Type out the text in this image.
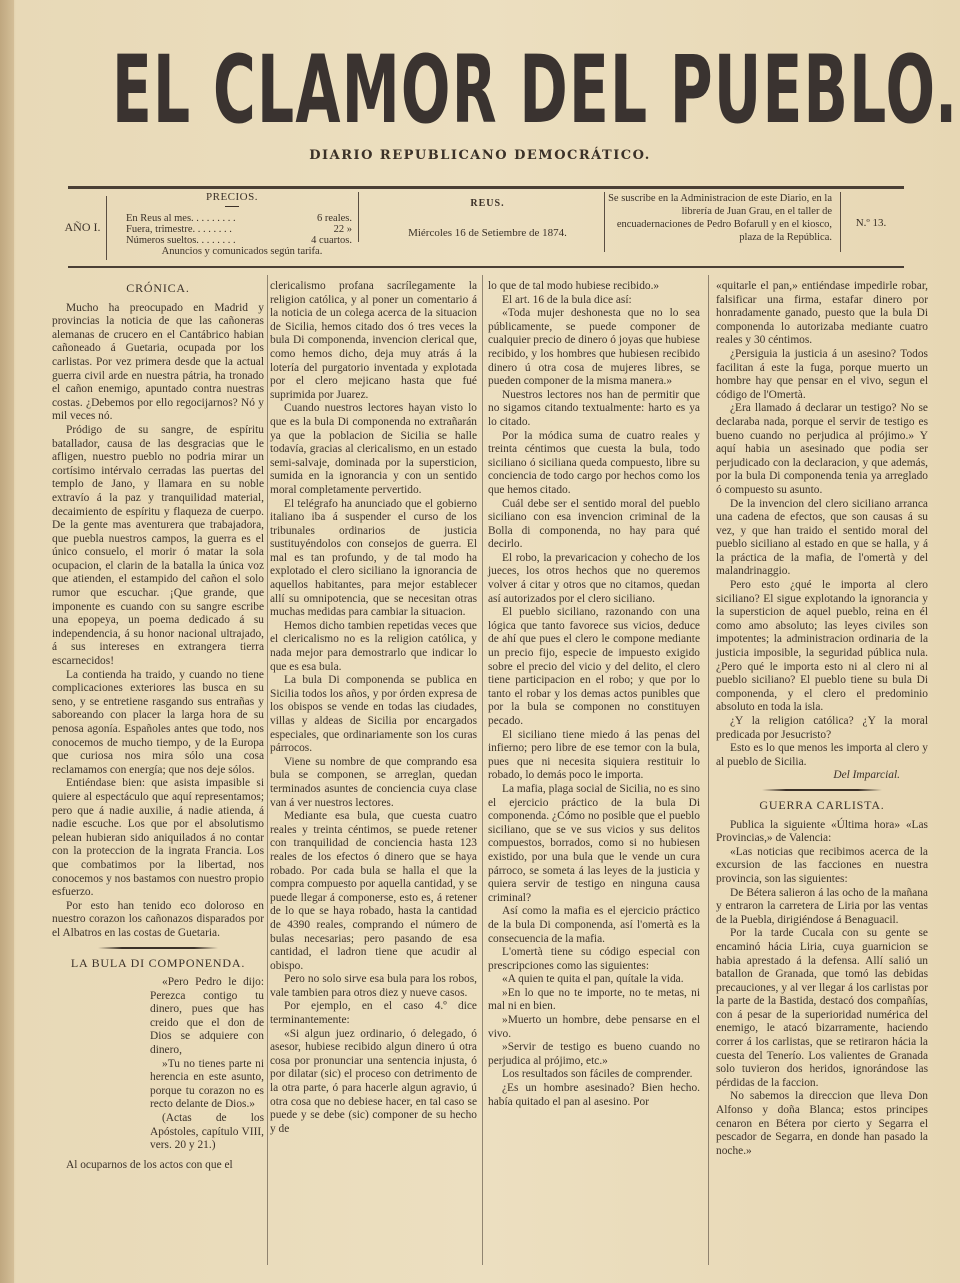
EL CLAMOR DEL PUEBLO.
DIARIO REPUBLICANO DEMOCRÁTICO.
AÑO I.
PRECIOS.
En Reus al mes. . . . . . . . .	6 reales.
Fuera, trimestre. . . . . . . .	22 »
Números sueltos. . . . . . . .	4 cuartos.
Anuncios y comunicados según tarifa.
REUS.
Miércoles 16 de Setiembre de 1874.
Se suscribe en la Administracion de este Diario, en la librería de Juan Grau, en el taller de encuadernaciones de Pedro Bofarull y en el kiosco, plaza de la República.
N.º 13.
CRÓNICA.

Mucho ha preocupado en Madrid y provincias la noticia de que las cañoneras alemanas de crucero en el Cantábrico habian cañoneado á Guetaria, ocupada por los carlistas. Por vez primera desde que la actual guerra civil arde en nuestra pátria, ha tronado el cañon enemigo, apuntado contra nuestras costas. ¿Debemos por ello regocijarnos? Nó y mil veces nó.

Pródigo de su sangre, de espíritu batallador, causa de las desgracias que le afligen, nuestro pueblo no podria mirar un cortísimo intérvalo cerradas las puertas del templo de Jano, y llamara en su noble extravío á la paz y tranquilidad material, decaimiento de espíritu y flaqueza de cuerpo. De la gente mas aventurera que trabajadora, que puebla nuestros campos, la guerra es el único consuelo, el morir ó matar la sola ocupacion, el clarin de la batalla la única voz que atienden, el estampido del cañon el solo rumor que escuchar. ¡Que grande, que imponente es cuando con su sangre escribe una epopeya, un poema dedicado á su independencia, á su honor nacional ultrajado, á sus intereses en extrangera tierra escarnecidos!

La contienda ha traido, y cuando no tiene complicaciones exteriores las busca en su seno, y se entretiene rasgando sus entrañas y saboreando con placer la larga hora de su penosa agonía. Españoles antes que todo, nos conocemos de mucho tiempo, y de la Europa que curiosa nos mira sólo una cosa reclamamos con energía; que nos deje sólos.

Entiéndase bien: que asista impasible si quiere al espectáculo que aquí representamos; pero que á nadie auxilie, á nadie atienda, á nadie escuche. Los que por el absolutismo pelean hubieran sido aniquilados á no contar con la proteccion de la ingrata Francia. Los que combatimos por la libertad, nos conocemos y nos bastamos con nuestro propio esfuerzo.

Por esto han tenido eco doloroso en nuestro corazon los cañonazos disparados por el Albatros en las costas de Guetaria.

LA BULA DI COMPONENDA.

«Pero Pedro le dijo: Perezca contigo tu dinero, pues que has creido que el don de Dios se adquiere con dinero,

»Tu no tienes parte ni herencia en este asunto, porque tu corazon no es recto delante de Dios.»

(Actas de los Apóstoles, capítulo VIII, vers. 20 y 21.)

Al ocuparnos de los actos con que el

clericalismo profana sacrílegamente la religion católica, y al poner un comentario á la noticia de un colega acerca de la situacion de Sicilia, hemos citado dos ó tres veces la bula Di componenda, invencion clerical que, como hemos dicho, deja muy atrás á la lotería del purgatorio inventada y explotada por el clero mejicano hasta que fué suprimida por Juarez.

Cuando nuestros lectores hayan visto lo que es la bula Di componenda no extrañarán ya que la poblacion de Sicilia se halle todavía, gracias al clericalismo, en un estado semi-salvaje, dominada por la supersticion, sumida en la ignorancia y con un sentido moral completamente pervertido.

El telégrafo ha anunciado que el gobierno italiano iba á suspender el curso de los tribunales ordinarios de justicia sustituyéndolos con consejos de guerra. El mal es tan profundo, y de tal modo ha explotado el clero siciliano la ignorancia de aquellos habitantes, para mejor establecer allí su omnipotencia, que se necesitan otras muchas medidas para cambiar la situacion.

Hemos dicho tambien repetidas veces que el clericalismo no es la religion católica, y nada mejor para demostrarlo que indicar lo que es esa bula.

La bula Di componenda se publica en Sicilia todos los años, y por órden expresa de los obispos se vende en todas las ciudades, villas y aldeas de Sicilia por encargados especiales, que ordinariamente son los curas párrocos.

Viene su nombre de que comprando esa bula se componen, se arreglan, quedan terminados asuntes de conciencia cuya clase van á ver nuestros lectores.

Mediante esa bula, que cuesta cuatro reales y treinta céntimos, se puede retener con tranquilidad de conciencia hasta 123 reales de los efectos ó dinero que se haya robado. Por cada bula se halla el que la compra compuesto por aquella cantidad, y se puede llegar á componerse, esto es, á retener de lo que se haya robado, hasta la cantidad de 4390 reales, comprando el número de bulas necesarias; pero pasando de esa cantidad, el ladron tiene que acudir al obispo.

Pero no solo sirve esa bula para los robos, vale tambien para otros diez y nueve casos.

Por ejemplo, en el caso 4.º dice terminantemente:

«Si algun juez ordinario, ó delegado, ó asesor, hubiese recibido algun dinero ú otra cosa por pronunciar una sentencia injusta, ó por dilatar (sic) el proceso con detrimento de la otra parte, ó para hacerle algun agravio, ú otra cosa que no debiese hacer, en tal caso se puede y se debe (sic) componer de su hecho y de

lo que de tal modo hubiese recibido.»

El art. 16 de la bula dice así:

«Toda mujer deshonesta que no lo sea públicamente, se puede componer de cualquier precio de dinero ó joyas que hubiese recibido, y los hombres que hubiesen recibido dinero ú otra cosa de mujeres libres, se pueden componer de la misma manera.»

Nuestros lectores nos han de permitir que no sigamos citando textualmente: harto es ya lo citado.

Por la módica suma de cuatro reales y treinta céntimos que cuesta la bula, todo siciliano ó siciliana queda compuesto, libre su conciencia de todo cargo por hechos como los que hemos citado.

Cuál debe ser el sentido moral del pueblo siciliano con esa invencion criminal de la Bolla di componenda, no hay para qué decirlo.

El robo, la prevaricacion y cohecho de los jueces, los otros hechos que no queremos volver á citar y otros que no citamos, quedan así autorizados por el clero siciliano.

El pueblo siciliano, razonando con una lógica que tanto favorece sus vicios, deduce de ahí que pues el clero le compone mediante un precio fijo, especie de impuesto exigido sobre el precio del vicio y del delito, el clero tiene participacion en el robo; y que por lo tanto el robar y los demas actos punibles que por la bula se componen no constituyen pecado.

El siciliano tiene miedo á las penas del infierno; pero libre de ese temor con la bula, pues que ni necesita siquiera restituir lo robado, lo demás poco le importa.

La mafia, plaga social de Sicilia, no es sino el ejercicio práctico de la bula Di componenda. ¿Cómo no posible que el pueblo siciliano, que se ve sus vicios y sus delitos compuestos, borrados, como si no hubiesen existido, por una bula que le vende un cura párroco, se someta á las leyes de la justicia y quiera servir de testigo en ninguna causa criminal?

Así como la mafia es el ejercicio práctico de la bula Di componenda, así l'omertà es la consecuencia de la mafia.

L'omertà tiene su código especial con prescripciones como las siguientes:

«A quien te quita el pan, quítale la vida.

»En lo que no te importe, no te metas, ni mal ni en bien.

»Muerto un hombre, debe pensarse en el vivo.

»Servir de testigo es bueno cuando no perjudica al prójimo, etc.»

Los resultados son fáciles de comprender.

¿Es un hombre asesinado? Bien hecho. había quitado el pan al asesino. Por

«quitarle el pan,» entiéndase impedirle robar, falsificar una firma, estafar dinero por honradamente ganado, puesto que la bula Di componenda lo autorizaba mediante cuatro reales y 30 céntimos.

¿Persiguia la justicia á un asesino? Todos facilitan á este la fuga, porque muerto un hombre hay que pensar en el vivo, segun el código de l'Omertà.

¿Era llamado á declarar un testigo? No se declaraba nada, porque el servir de testigo es bueno cuando no perjudica al prójimo.» Y aquí habia un asesinado que podia ser perjudicado con la declaracion, y que además, por la bula Di componenda tenia ya arreglado ó compuesto su asunto.

De la invencion del clero siciliano arranca una cadena de efectos, que son causas á su vez, y que han traido el sentido moral del pueblo siciliano al estado en que se halla, y á la práctica de la mafia, de l'omertà y del malandrinaggio.

Pero esto ¿qué le importa al clero siciliano? El sigue explotando la ignorancia y la supersticion de aquel pueblo, reina en él como amo absoluto; las leyes civiles son impotentes; la administracion ordinaria de la justicia imposible, la seguridad pública nula. ¿Pero qué le importa esto ni al clero ni al pueblo siciliano? El pueblo tiene su bula Di componenda, y el clero el predominio absoluto en toda la isla.

¿Y la religion católica? ¿Y la moral predicada por Jesucristo?

Esto es lo que menos les importa al clero y al pueblo de Sicilia.

Del Imparcial.
GUERRA CARLISTA.

Publica la siguiente «Última hora» «Las Provincias,» de Valencia:

«Las noticias que recibimos acerca de la excursion de las facciones en nuestra provincia, son las siguientes:

De Bétera salieron á las ocho de la mañana y entraron la carretera de Liria por las ventas de la Puebla, dirigiéndose á Benaguacil.

Por la tarde Cucala con su gente se encaminó hácia Liria, cuya guarnicion se habia aprestado á la defensa. Allí salió un batallon de Granada, que tomó las debidas precauciones, y al ver llegar á los carlistas por la parte de la Bastida, destacó dos compañías, con á pesar de la superioridad numérica del enemigo, le atacó bizarramente, haciendo correr á los carlistas, que se retiraron hácia la cuesta del Tenerío. Los valientes de Granada solo tuvieron dos heridos, ignorándose las pérdidas de la faccion.

No sabemos la direccion que lleva Don Alfonso y doña Blanca; estos principes cenaron en Bétera por cierto y Segarra el pescador de Segarra, en donde han pasado la noche.»
